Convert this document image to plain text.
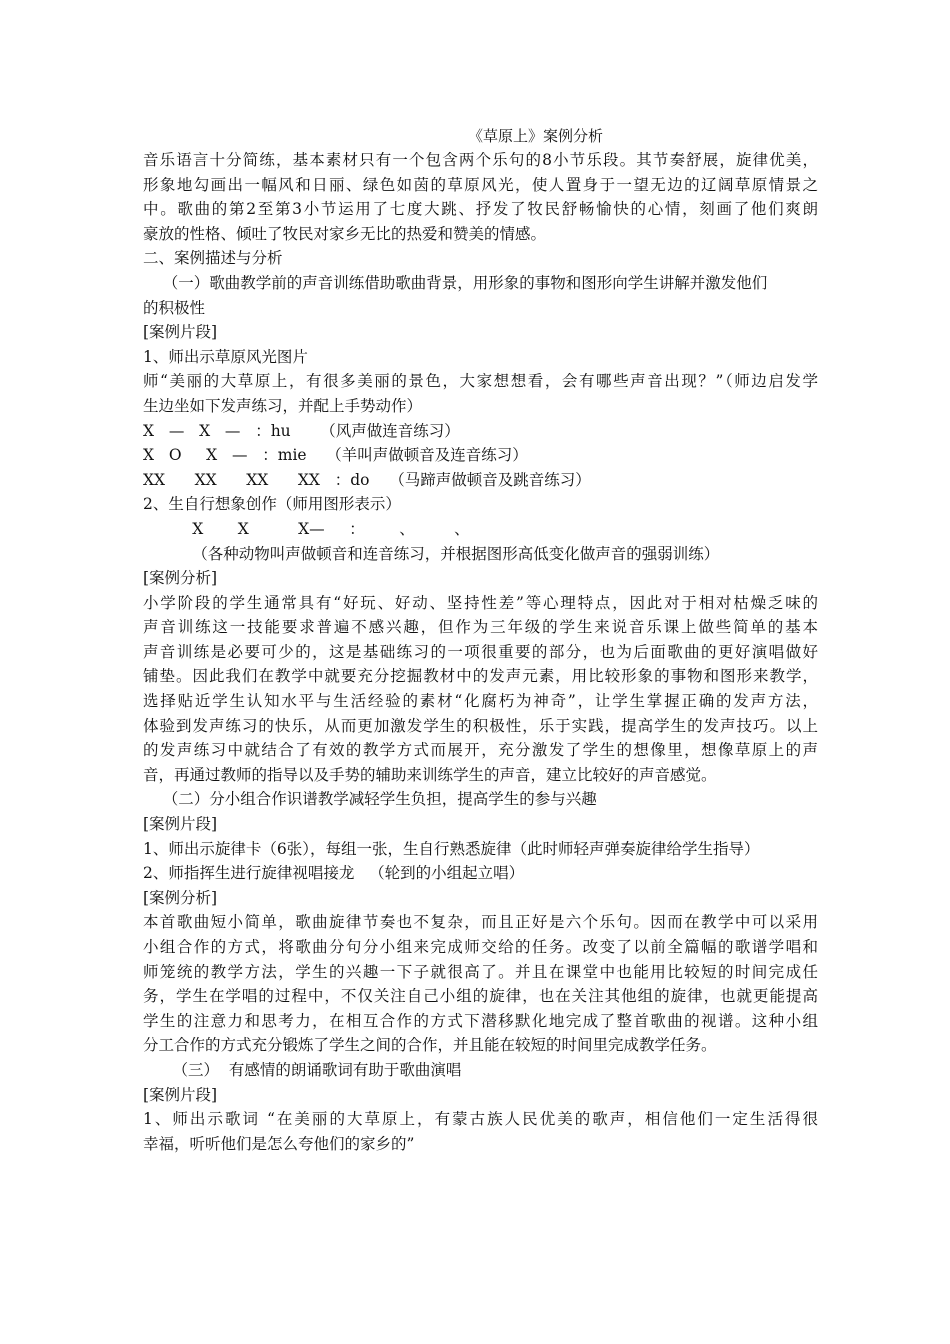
《草原上》案例分析
音乐语言十分简练，基本素材只有一个包含两个乐句的8小节乐段。其节奏舒展，旋律优美，
形象地勾画出一幅风和日丽、绿色如茵的草原风光，使人置身于一望无边的辽阔草原情景之
中。歌曲的第2至第3小节运用了七度大跳、抒发了牧民舒畅愉快的心情，刻画了他们爽朗
豪放的性格、倾吐了牧民对家乡无比的热爱和赞美的情感。
二、案例描述与分析
（一）歌曲教学前的声音训练借助歌曲背景，用形象的事物和图形向学生讲解并激发他们
的积极性
[案例片段]
1、师出示草原风光图片
师“美丽的大草原上，有很多美丽的景色，大家想想看，会有哪些声音出现？”（师边启发学
生边坐如下发声练习，并配上手势动作）
X   —   X   —   ：hu      （风声做连音练习）
X   O     X   —   ：mie    （羊叫声做顿音及连音练习）
XX      XX      XX      XX   ：do    （马蹄声做顿音及跳音练习）
2、生自行想象创作（师用图形表示）
X       X          X—     ：       、        、
（各种动物叫声做顿音和连音练习，并根据图形高低变化做声音的强弱训练）
[案例分析]
小学阶段的学生通常具有“好玩、好动、坚持性差”等心理特点，因此对于相对枯燥乏味的
声音训练这一技能要求普遍不感兴趣，但作为三年级的学生来说音乐课上做些简单的基本
声音训练是必要可少的，这是基础练习的一项很重要的部分，也为后面歌曲的更好演唱做好
铺垫。因此我们在教学中就要充分挖掘教材中的发声元素，用比较形象的事物和图形来教学，
选择贴近学生认知水平与生活经验的素材“化腐朽为神奇”，让学生掌握正确的发声方法，
体验到发声练习的快乐，从而更加激发学生的积极性，乐于实践，提高学生的发声技巧。以上
的发声练习中就结合了有效的教学方式而展开，充分激发了学生的想像里，想像草原上的声
音，再通过教师的指导以及手势的辅助来训练学生的声音，建立比较好的声音感觉。
（二）分小组合作识谱教学减轻学生负担，提高学生的参与兴趣
[案例片段]
1、师出示旋律卡（6张），每组一张，生自行熟悉旋律（此时师轻声弹奏旋律给学生指导）
2、师指挥生进行旋律视唱接龙   （轮到的小组起立唱）
[案例分析]
本首歌曲短小简单，歌曲旋律节奏也不复杂，而且正好是六个乐句。因而在教学中可以采用
小组合作的方式，将歌曲分句分小组来完成师交给的任务。改变了以前全篇幅的歌谱学唱和
师笼统的教学方法，学生的兴趣一下子就很高了。并且在课堂中也能用比较短的时间完成任
务，学生在学唱的过程中，不仅关注自己小组的旋律，也在关注其他组的旋律，也就更能提高
学生的注意力和思考力，在相互合作的方式下潜移默化地完成了整首歌曲的视谱。这种小组
分工合作的方式充分锻炼了学生之间的合作，并且能在较短的时间里完成教学任务。
（三）  有感情的朗诵歌词有助于歌曲演唱
[案例片段]
1、师出示歌词 “在美丽的大草原上，有蒙古族人民优美的歌声，相信他们一定生活得很
幸福，听听他们是怎么夸他们的家乡的”
